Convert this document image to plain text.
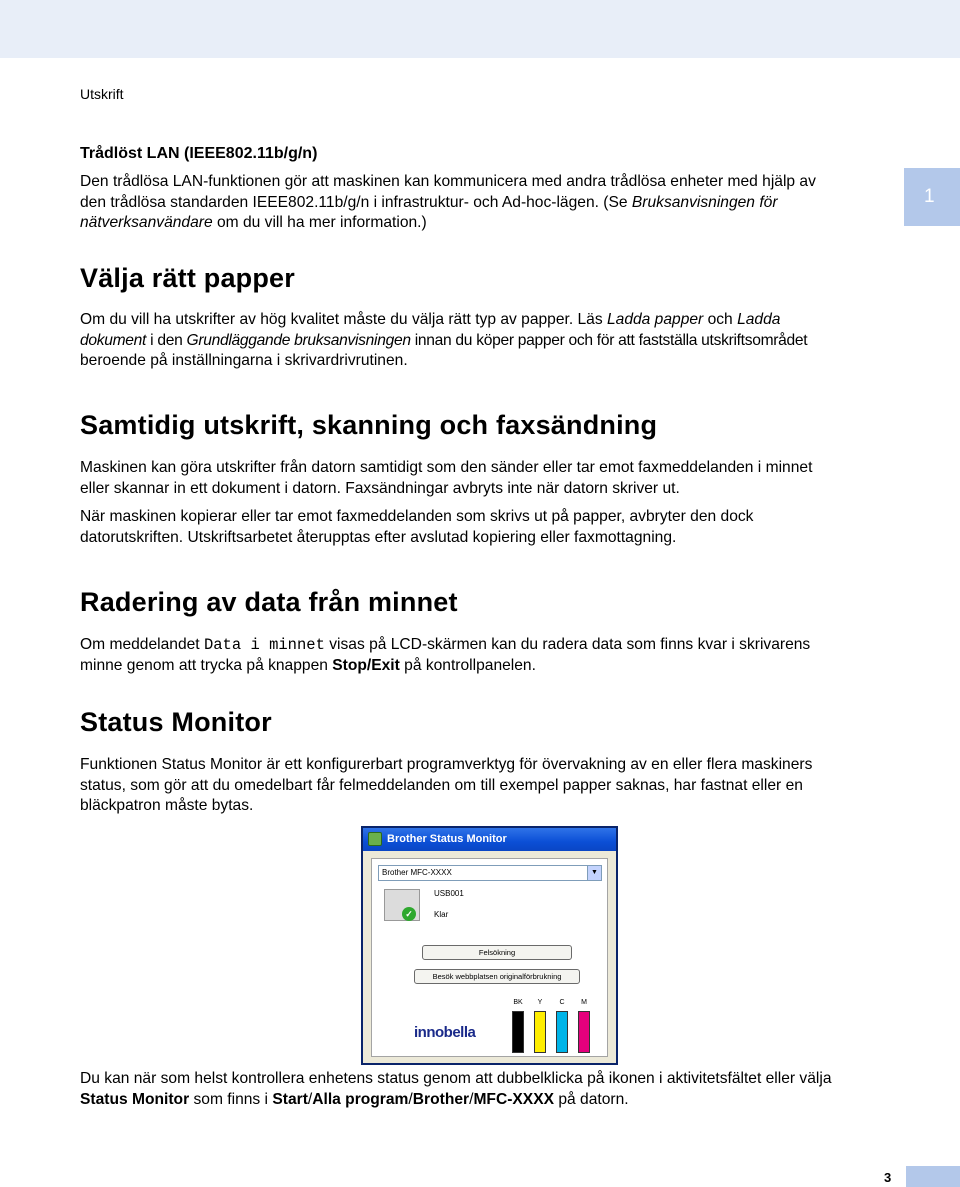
Utskrift
1
Trådlöst LAN (IEEE802.11b/g/n)
Den trådlösa LAN-funktionen gör att maskinen kan kommunicera med andra trådlösa enheter med hjälp av
den trådlösa standarden IEEE802.11b/g/n i infrastruktur- och Ad-hoc-lägen. (Se Bruksanvisningen för
nätverksanvändare om du vill ha mer information.)
Välja rätt papper
Om du vill ha utskrifter av hög kvalitet måste du välja rätt typ av papper. Läs Ladda papper och Ladda
dokument i den Grundläggande bruksanvisningen innan du köper papper och för att fastställa utskriftsområdet
beroende på inställningarna i skrivardrivrutinen.
Samtidig utskrift, skanning och faxsändning
Maskinen kan göra utskrifter från datorn samtidigt som den sänder eller tar emot faxmeddelanden i minnet
eller skannar in ett dokument i datorn. Faxsändningar avbryts inte när datorn skriver ut.
När maskinen kopierar eller tar emot faxmeddelanden som skrivs ut på papper, avbryter den dock
datorutskriften. Utskriftsarbetet återupptas efter avslutad kopiering eller faxmottagning.
Radering av data från minnet
Om meddelandet Data i minnet visas på LCD-skärmen kan du radera data som finns kvar i skrivarens
minne genom att trycka på knappen Stop/Exit på kontrollpanelen.
Status Monitor
Funktionen Status Monitor är ett konfigurerbart programverktyg för övervakning av en eller flera maskiners
status, som gör att du omedelbart får felmeddelanden om till exempel papper saknas, har fastnat eller en
bläckpatron måste bytas.
Brother Status Monitor
Brother MFC-XXXX	▼
✓
USB001
Klar
Felsökning
Besök webbplatsen originalförbrukning
BK	Y	C	M
innobella
Du kan när som helst kontrollera enhetens status genom att dubbelklicka på ikonen i aktivitetsfältet eller välja
Status Monitor som finns i Start/Alla program/Brother/MFC-XXXX på datorn.
3
